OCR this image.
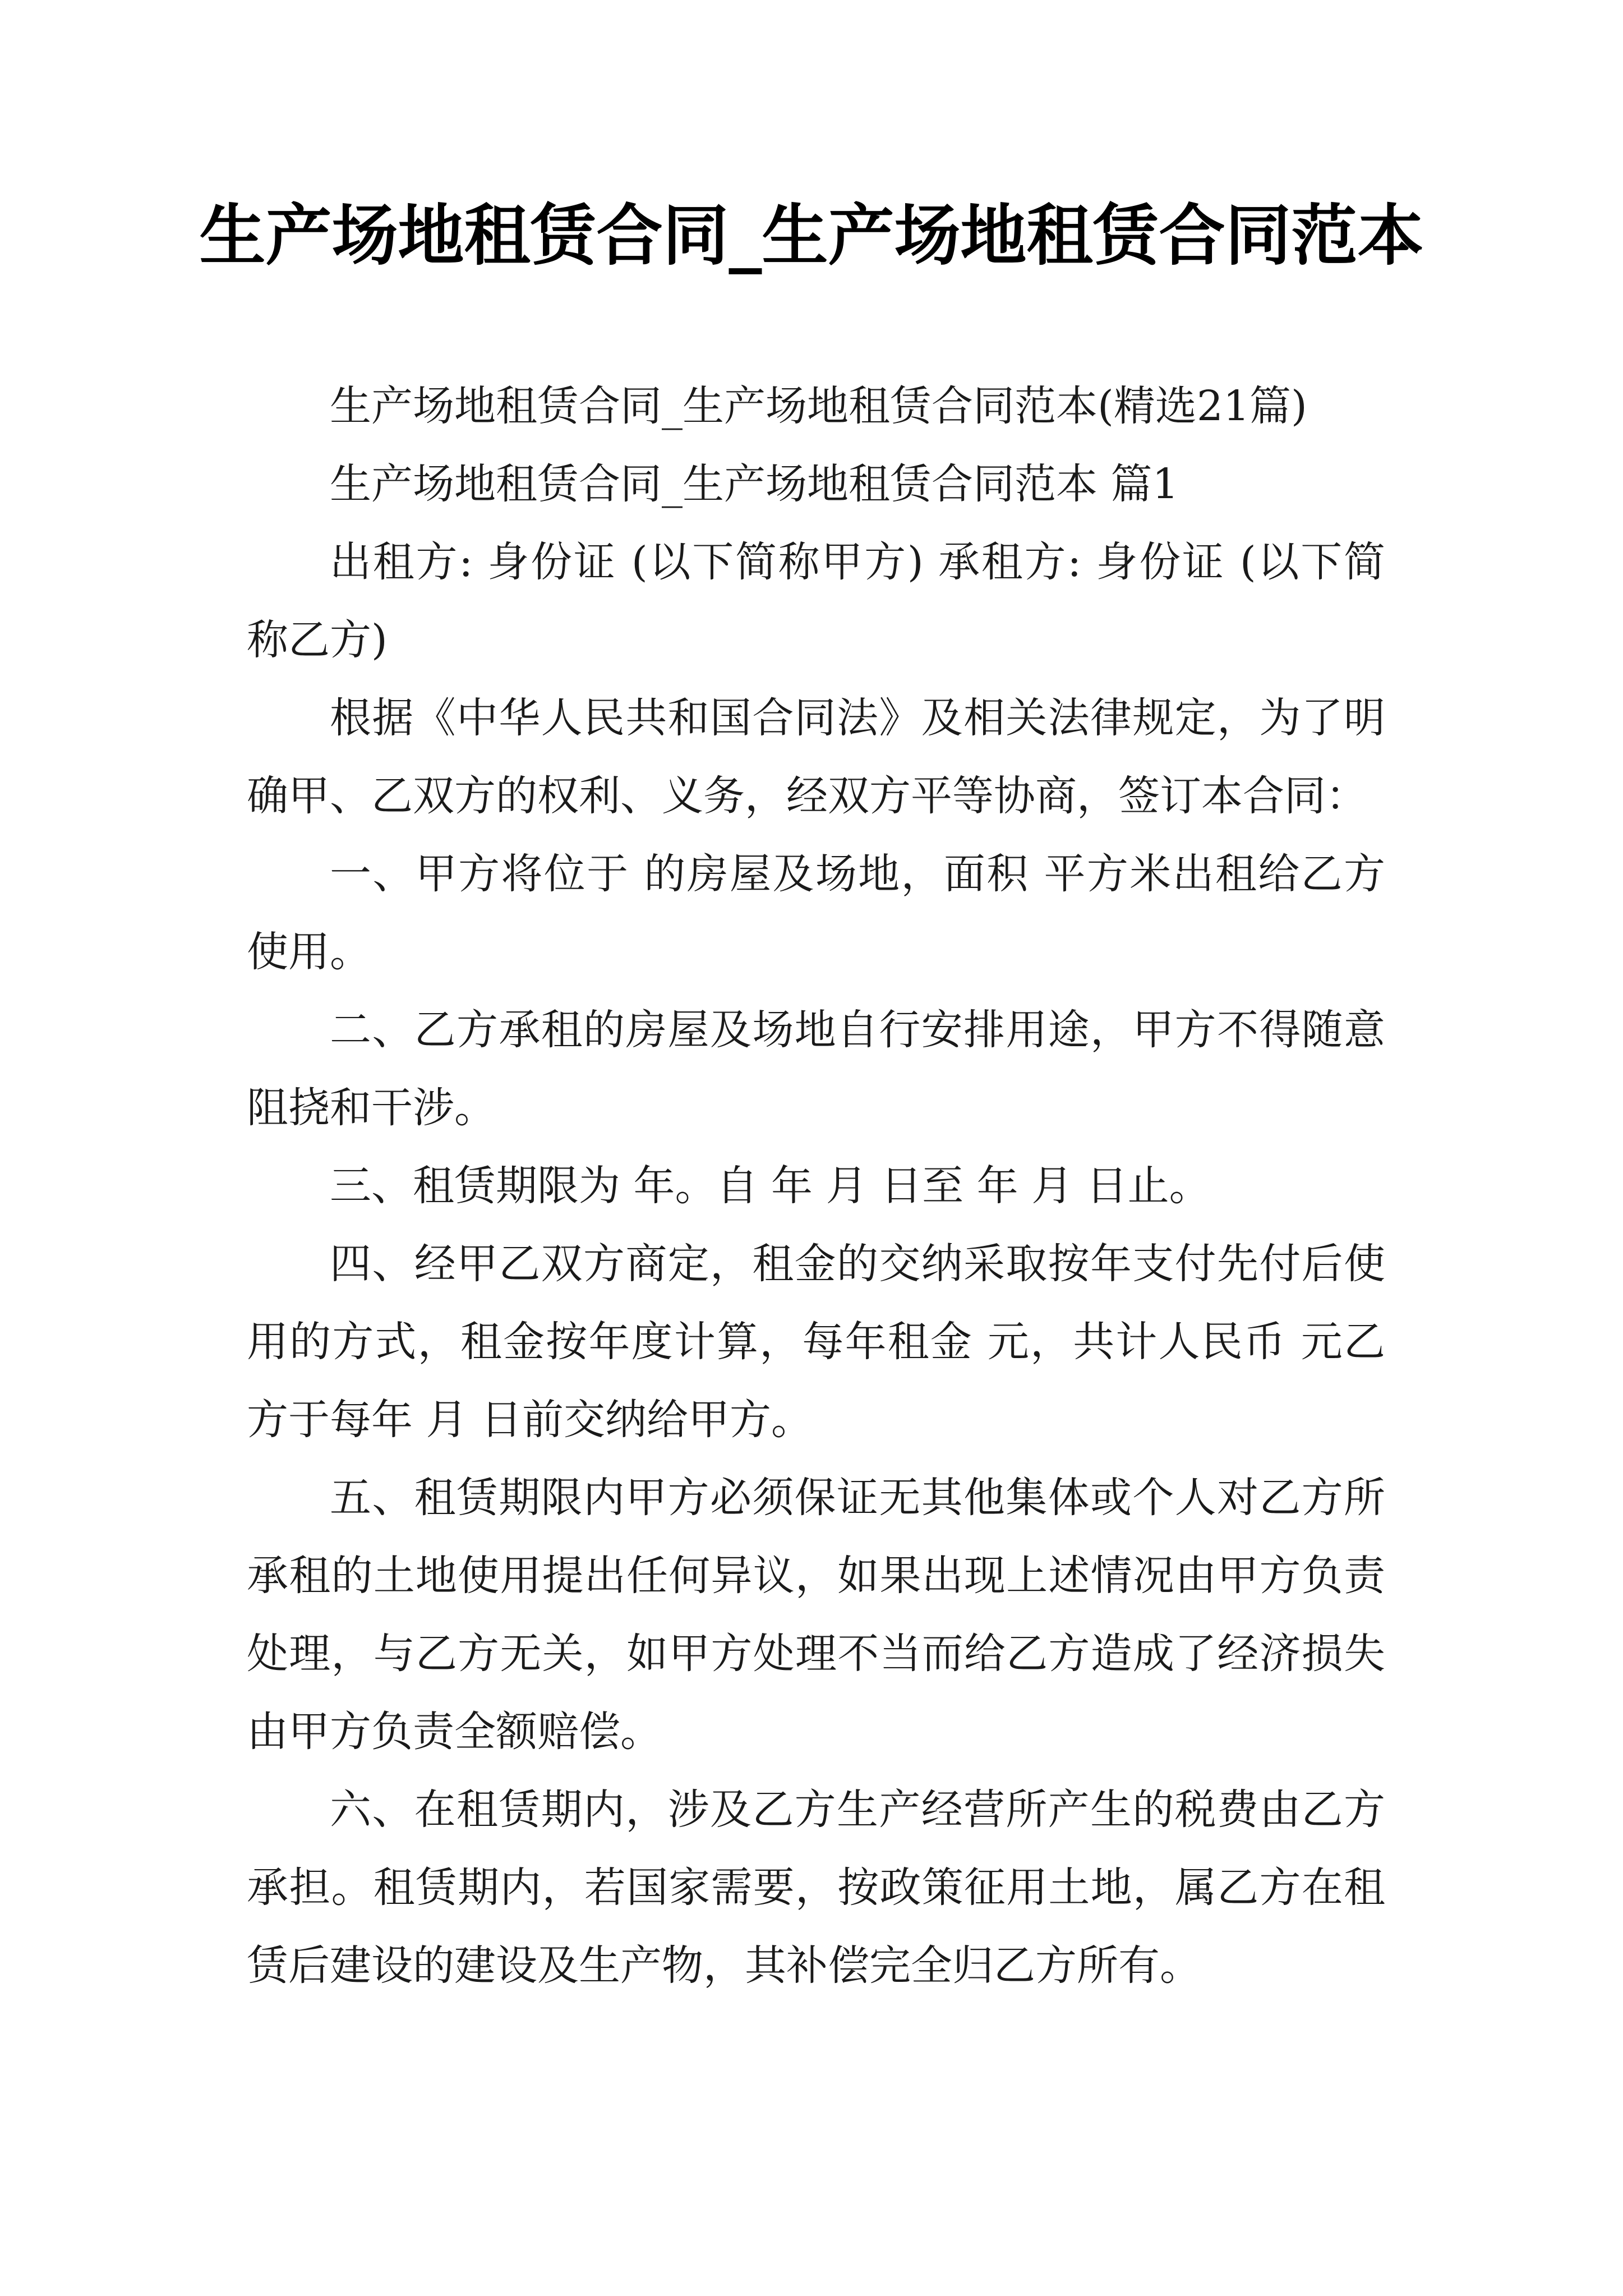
生产场地租赁合同_生产场地租赁合同范本

生产场地租赁合同_生产场地租赁合同范本(精选21篇)

生产场地租赁合同_生产场地租赁合同范本 篇1

出租方: 身份证 (以下简称甲方) 承租方: 身份证 (以下简称乙方)

根据《中华人民共和国合同法》及相关法律规定，为了明确甲、乙双方的权利、义务，经双方平等协商，签订本合同：

一、甲方将位于 的房屋及场地，面积 平方米出租给乙方使用。

二、乙方承租的房屋及场地自行安排用途，甲方不得随意阻挠和干涉。

三、租赁期限为 年。自 年 月 日至 年 月 日止。

四、经甲乙双方商定，租金的交纳采取按年支付先付后使用的方式，租金按年度计算，每年租金 元，共计人民币 元乙方于每年 月 日前交纳给甲方。

五、租赁期限内甲方必须保证无其他集体或个人对乙方所承租的土地使用提出任何异议，如果出现上述情况由甲方负责处理，与乙方无关，如甲方处理不当而给乙方造成了经济损失由甲方负责全额赔偿。

六、在租赁期内，涉及乙方生产经营所产生的税费由乙方承担。租赁期内，若国家需要，按政策征用土地，属乙方在租赁后建设的建设及生产物，其补偿完全归乙方所有。
